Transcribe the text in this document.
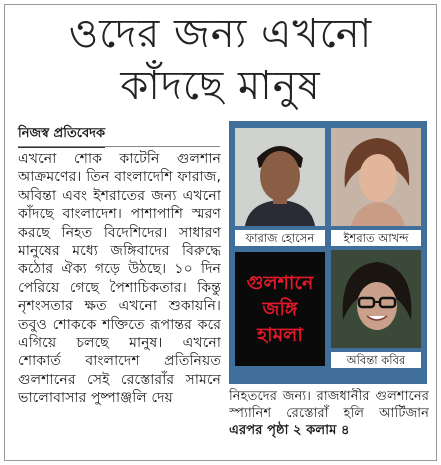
ওদের জন্য এখনো
কাঁদছে মানুষ
নিজস্ব প্রতিবেদক
এখনো শোক কাটেনি গুলশান আক্রমণের। তিন বাংলাদেশি ফারাজ, অবিন্তা এবং ইশরাতের জন্য এখনো কাঁদছে বাংলাদেশ। পাশাপাশি স্মরণ করছে নিহত বিদেশিদের। সাধারণ মানুষের মধ্যে জঙ্গিবাদের বিরুদ্ধে কঠোর ঐক্য গড়ে উঠছে। ১০ দিন পেরিয়ে গেছে পৈশাচিকতার। কিন্তু নৃশংসতার ক্ষত এখনো শুকায়নি। তবুও শোককে শক্তিতে রূপান্তর করে এগিয়ে চলছে মানুষ। এখনো শোকার্ত বাংলাদেশ প্রতিনিয়ত গুলশানের সেই রেস্তোরাঁর সামনে ভালোবাসার পুষ্পাঞ্জলি দেয়
ফারাজ হোসেন	ইশরাত আখন্দ
অবিন্তা কবির
গুলশানে
জঙ্গি
হামলা
নিহতদের জন্য। রাজধানীর গুলশানের স্প্যানিশ রেস্তোরাঁ হলি আর্টিজান এরপর পৃষ্ঠা ২ কলাম ৪
